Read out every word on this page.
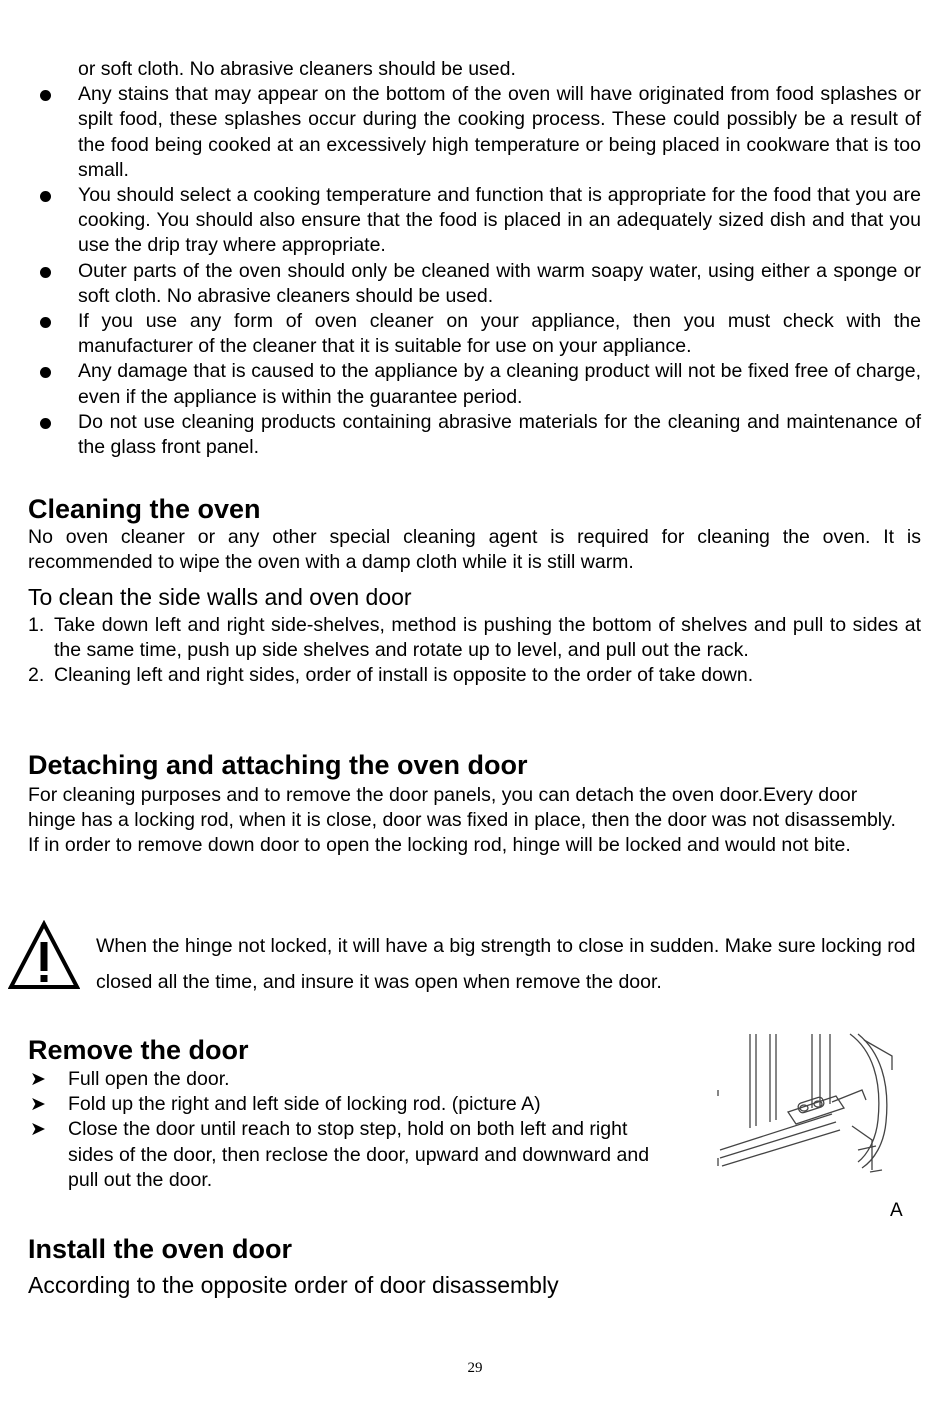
or soft cloth. No abrasive cleaners should be used.
Any stains that may appear on the bottom of the oven will have originated from food splashes or spilt food, these splashes occur during the cooking process. These could possibly be a result of the food being cooked at an excessively high temperature or being placed in cookware that is too small.
You should select a cooking temperature and function that is appropriate for the food that you are cooking. You should also ensure that the food is placed in an adequately sized dish and that you use the drip tray where appropriate.
Outer parts of the oven should only be cleaned with warm soapy water, using either a sponge or soft cloth. No abrasive cleaners should be used.
If you use any form of oven cleaner on your appliance, then you must check with the manufacturer of the cleaner that it is suitable for use on your appliance.
Any damage that is caused to the appliance by a cleaning product will not be fixed free of charge, even if the appliance is within the guarantee period.
Do not use cleaning products containing abrasive materials for the cleaning and maintenance of the glass front panel.
Cleaning the oven

No oven cleaner or any other special cleaning agent is required for cleaning the oven. It is recommended to wipe the oven with a damp cloth while it is still warm.

To clean the side walls and oven door
1. Take down left and right side-shelves, method is pushing the bottom of shelves and pull to sides at the same time, push up side shelves and rotate up to level, and pull out the rack.
2. Cleaning left and right sides, order of install is opposite to the order of take down.
Detaching and attaching the oven door

For cleaning purposes and to remove the door panels, you can detach the oven door.Every door hinge has a locking rod, when it is close, door was fixed in place, then the door was not disassembly. If in order to remove down door to open the locking rod, hinge will be locked and would not bite.

When the hinge not locked, it will have a big strength to close in sudden. Make sure locking rod closed all the time, and insure it was open when remove the door.

Remove the door
➤ Full open the door.
➤ Fold up the right and left side of locking rod. (picture A)
➤ Close the door until reach to stop step, hold on both left and right sides of the door, then reclose the door, upward and downward and pull out the door.
A
Install the oven door

According to the opposite order of door disassembly

29
